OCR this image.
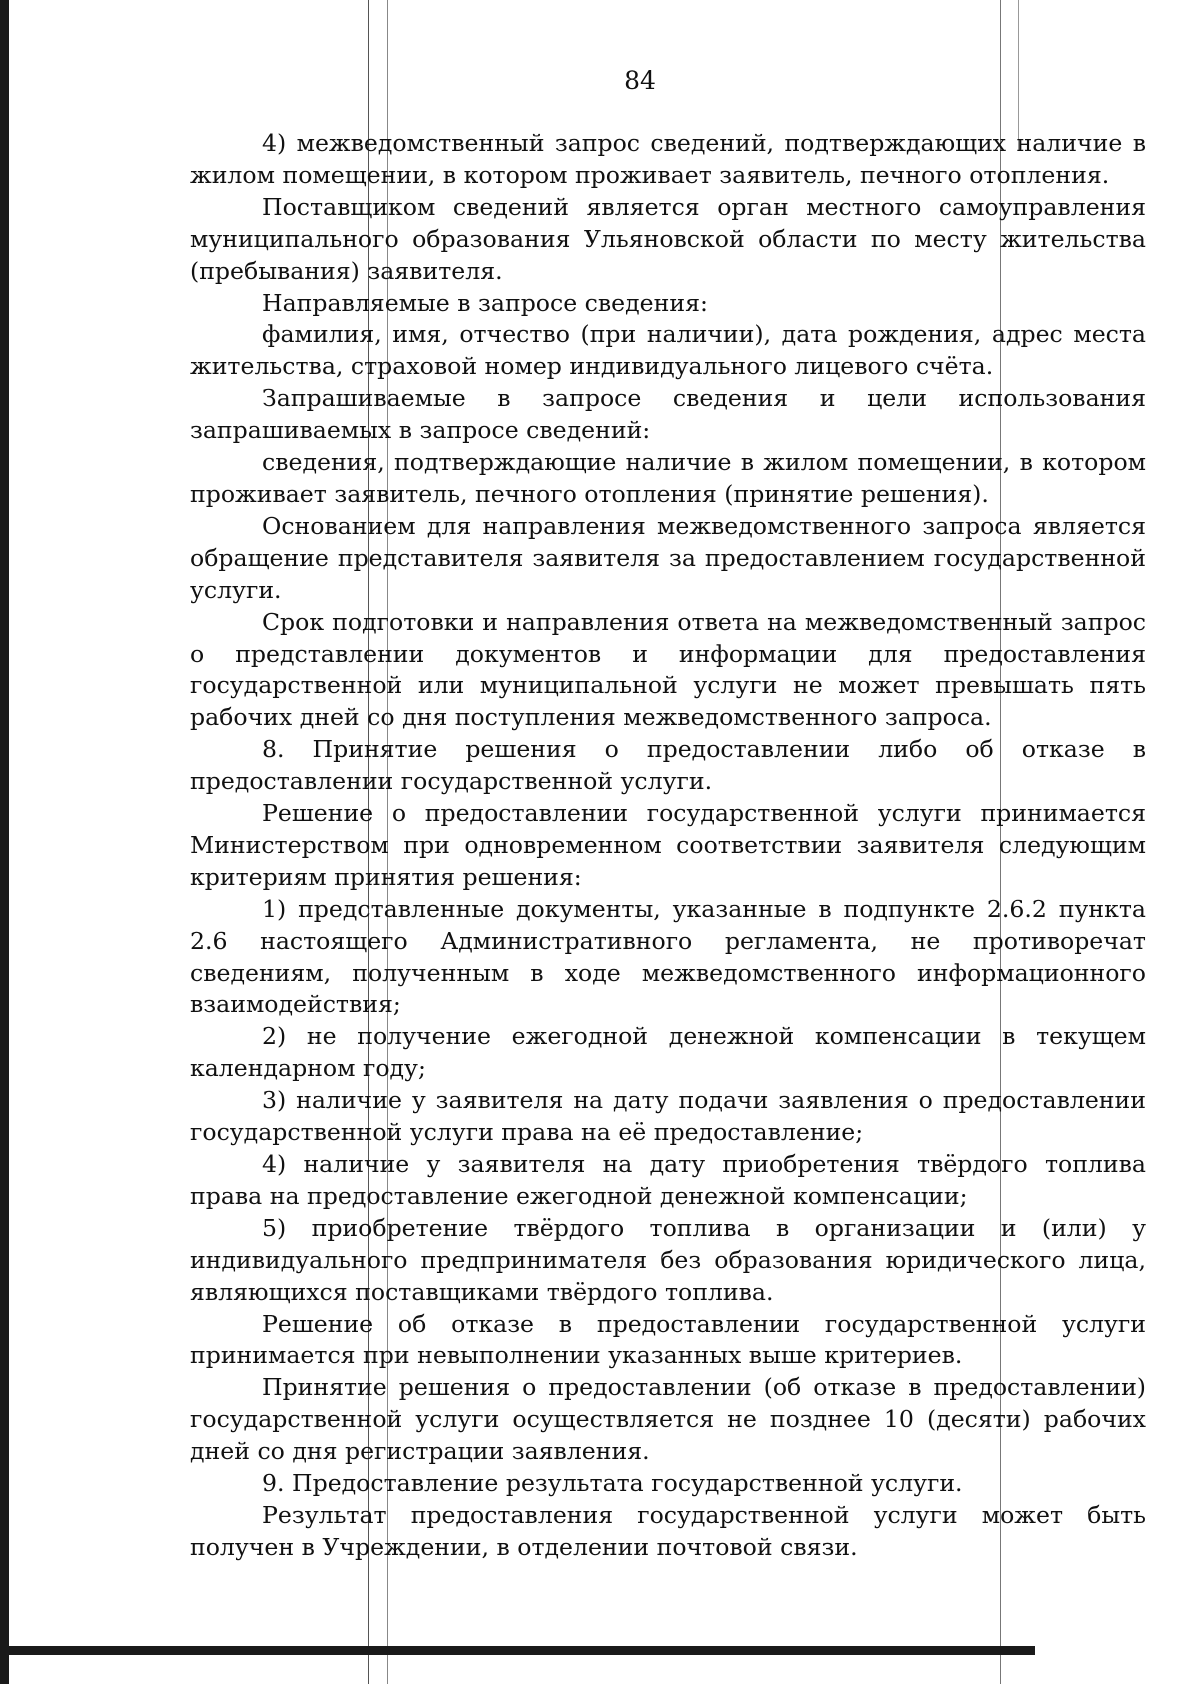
84

4) межведомственный запрос сведений, подтверждающих наличие в жилом помещении, в котором проживает заявитель, печного отопления.

Поставщиком сведений является орган местного самоуправления муниципального образования Ульяновской области по месту жительства (пребывания) заявителя.

Направляемые в запросе сведения:

фамилия, имя, отчество (при наличии), дата рождения, адрес места жительства, страховой номер индивидуального лицевого счёта.

Запрашиваемые в запросе сведения и цели использования запрашиваемых в запросе сведений:

сведения, подтверждающие наличие в жилом помещении, в котором проживает заявитель, печного отопления (принятие решения).

Основанием для направления межведомственного запроса является обращение представителя заявителя за предоставлением государственной услуги.

Срок подготовки и направления ответа на межведомственный запрос о представлении документов и информации для предоставления государственной или муниципальной услуги не может превышать пять рабочих дней со дня поступления межведомственного запроса.

8. Принятие решения о предоставлении либо об отказе в предоставлении государственной услуги.

Решение о предоставлении государственной услуги принимается Министерством при одновременном соответствии заявителя следующим критериям принятия решения:

1) представленные документы, указанные в подпункте 2.6.2 пункта 2.6 настоящего Административного регламента, не противоречат сведениям, полученным в ходе межведомственного информационного взаимодействия;

2) не получение ежегодной денежной компенсации в текущем календарном году;

3) наличие у заявителя на дату подачи заявления о предоставлении государственной услуги права на её предоставление;

4) наличие у заявителя на дату приобретения твёрдого топлива права на предоставление ежегодной денежной компенсации;

5) приобретение твёрдого топлива в организации и (или) у индивидуального предпринимателя без образования юридического лица, являющихся поставщиками твёрдого топлива.

Решение об отказе в предоставлении государственной услуги принимается при невыполнении указанных выше критериев.

Принятие решения о предоставлении (об отказе в предоставлении) государственной услуги осуществляется не позднее 10 (десяти) рабочих дней со дня регистрации заявления.

9. Предоставление результата государственной услуги.

Результат предоставления государственной услуги может быть получен в Учреждении, в отделении почтовой связи.
